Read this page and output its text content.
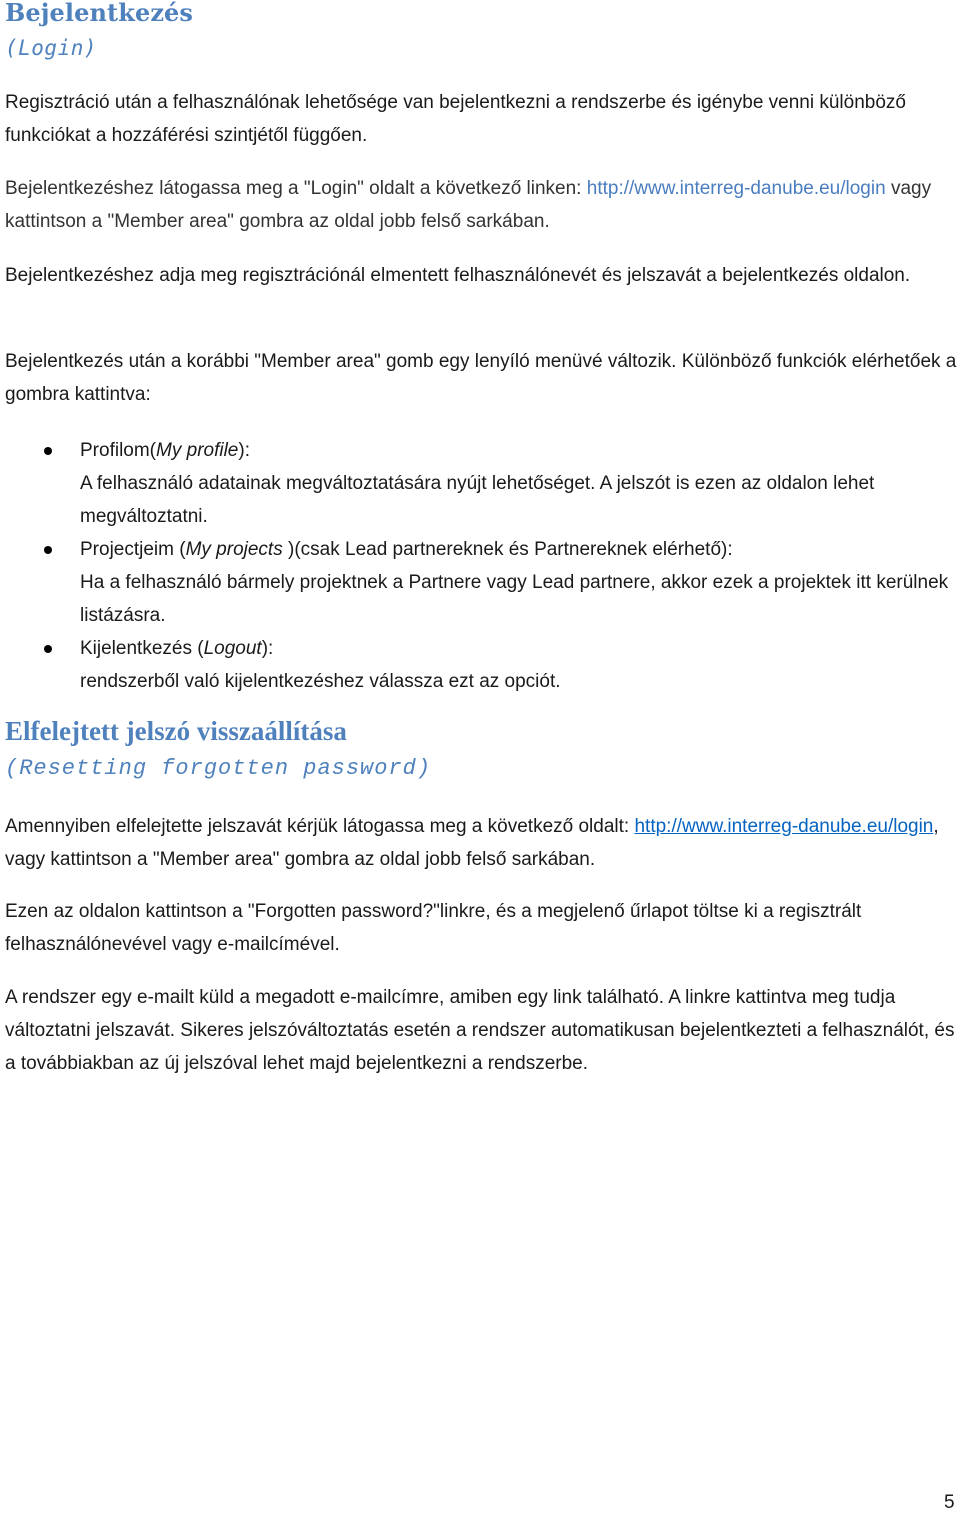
Bejelentkezés
(Login)

Regisztráció után a felhasználónak lehetősége van bejelentkezni a rendszerbe és igénybe venni különböző funkciókat a hozzáférési szintjétől függően.

Bejelentkezéshez látogassa meg a "Login" oldalt a következő linken: http://www.interreg-danube.eu/login vagy kattintson a "Member area" gombra az oldal jobb felső sarkában.

Bejelentkezéshez adja meg regisztrációnál elmentett felhasználónevét és jelszavát a bejelentkezés oldalon.

Bejelentkezés után a korábbi "Member area" gomb egy lenyíló menüvé változik. Különböző funkciók elérhetőek a gombra kattintva:

Profilom(My profile):
A felhasználó adatainak megváltoztatására nyújt lehetőséget. A jelszót is ezen az oldalon lehet megváltoztatni.
Projectjeim (My projects )(csak Lead partnereknek és Partnereknek elérhető):
Ha a felhasználó bármely projektnek a Partnere vagy Lead partnere, akkor ezek a projektek itt kerülnek listázásra.
Kijelentkezés (Logout):
rendszerből való kijelentkezéshez válassza ezt az opciót.
Elfelejtett jelszó visszaállítása
(Resetting forgotten password)

Amennyiben elfelejtette jelszavát kérjük látogassa meg a következő oldalt: http://www.interreg-danube.eu/login, vagy kattintson a "Member area" gombra az oldal jobb felső sarkában.

Ezen az oldalon kattintson a "Forgotten password?"linkre, és a megjelenő űrlapot töltse ki a regisztrált felhasználónevével vagy e-mailcímével.

A rendszer egy e-mailt küld a megadott e-mailcímre, amiben egy link található. A linkre kattintva meg tudja változtatni jelszavát. Sikeres jelszóváltoztatás esetén a rendszer automatikusan bejelentkezteti a felhasználót, és a továbbiakban az új jelszóval lehet majd bejelentkezni a rendszerbe.

5
